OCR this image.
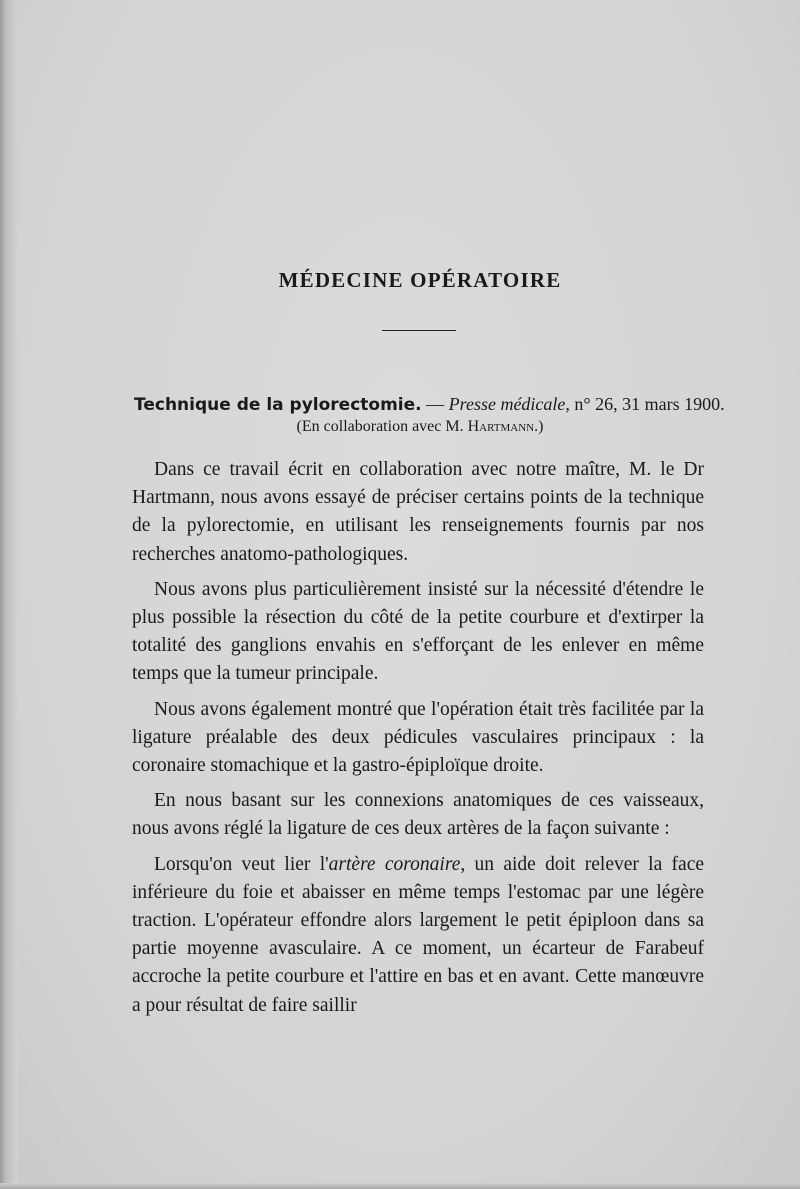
MÉDECINE OPÉRATOIRE
Technique de la pylorectomie. — Presse médicale, n° 26, 31 mars 1900.
(En collaboration avec M. Hartmann.)

Dans ce travail écrit en collaboration avec notre maître, M. le Dr Hartmann, nous avons essayé de préciser certains points de la technique de la pylorectomie, en utilisant les renseignements fournis par nos recherches anatomo-pathologiques.

Nous avons plus particulièrement insisté sur la nécessité d'étendre le plus possible la résection du côté de la petite courbure et d'extirper la totalité des ganglions envahis en s'efforçant de les enlever en même temps que la tumeur principale.

Nous avons également montré que l'opération était très facilitée par la ligature préalable des deux pédicules vasculaires principaux : la coronaire stomachique et la gastro-épiploïque droite.

En nous basant sur les connexions anatomiques de ces vaisseaux, nous avons réglé la ligature de ces deux artères de la façon suivante :

Lorsqu'on veut lier l'artère coronaire, un aide doit relever la face inférieure du foie et abaisser en même temps l'estomac par une légère traction. L'opérateur effondre alors largement le petit épiploon dans sa partie moyenne avasculaire. A ce moment, un écarteur de Farabeuf accroche la petite courbure et l'attire en bas et en avant. Cette manœuvre a pour résultat de faire saillir
